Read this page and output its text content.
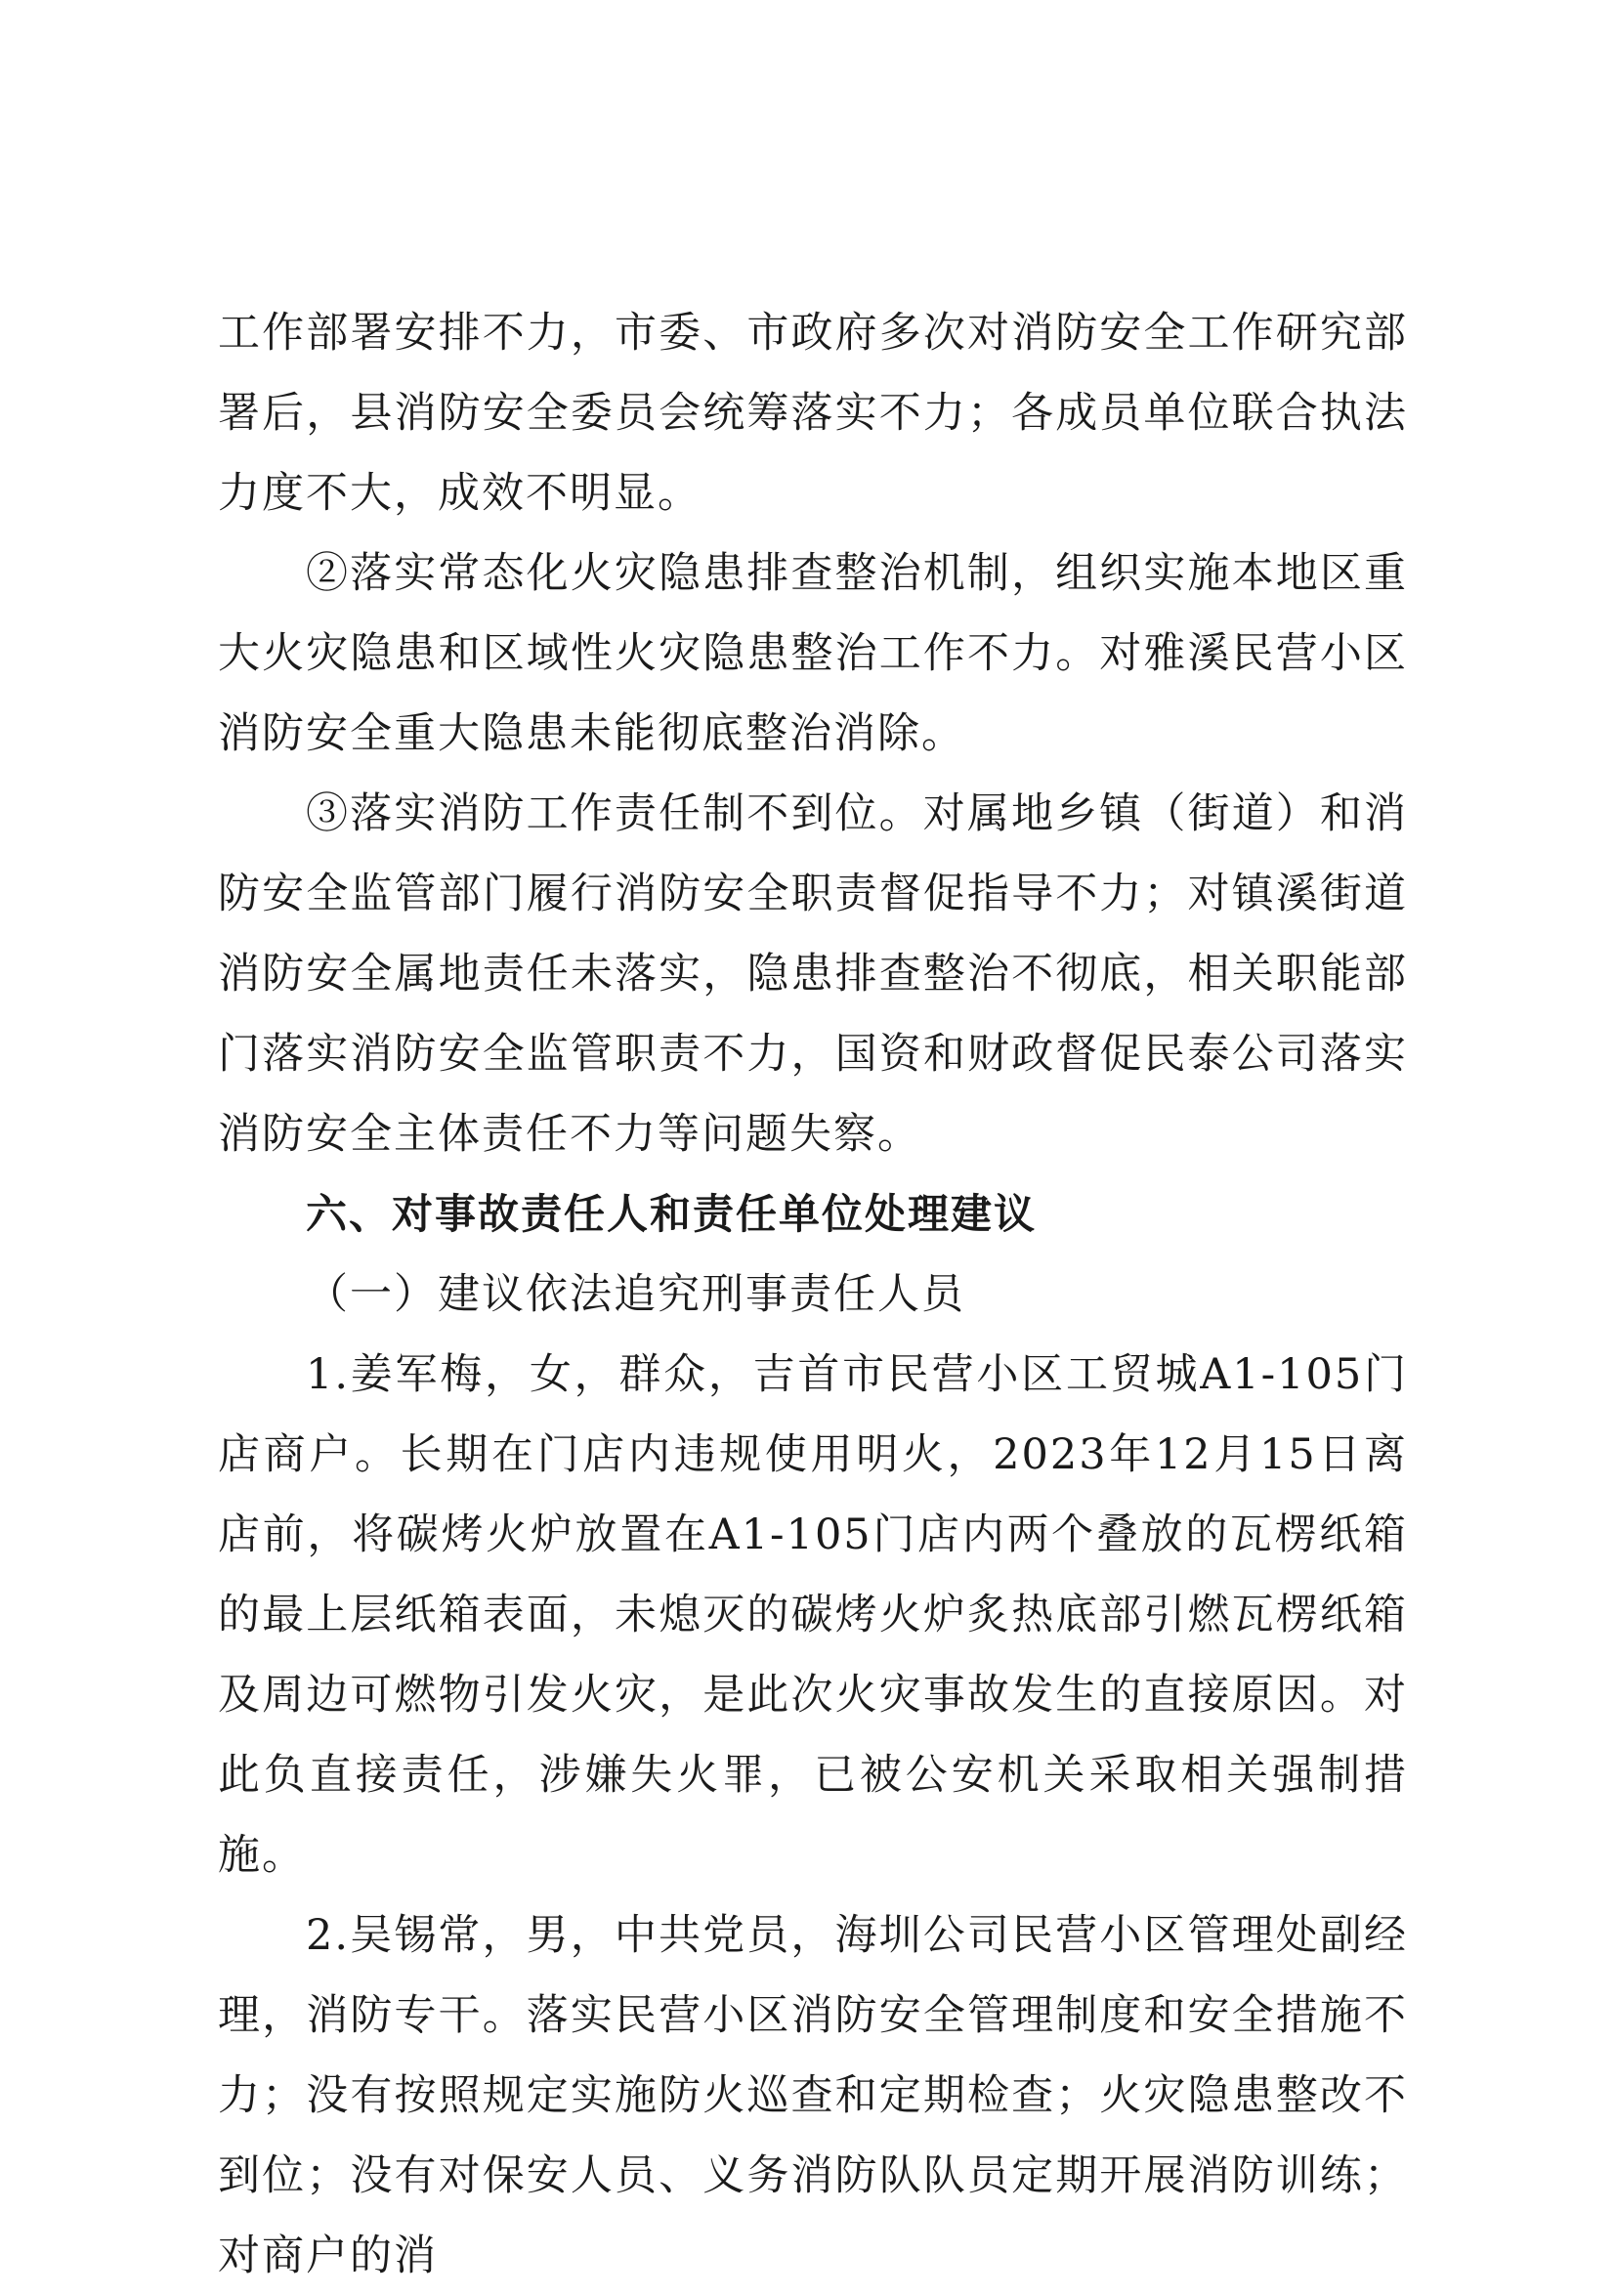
工作部署安排不力，市委、市政府多次对消防安全工作研究部署后，县消防安全委员会统筹落实不力；各成员单位联合执法力度不大，成效不明显。

②落实常态化火灾隐患排查整治机制，组织实施本地区重大火灾隐患和区域性火灾隐患整治工作不力。对雅溪民营小区消防安全重大隐患未能彻底整治消除。

③落实消防工作责任制不到位。对属地乡镇（街道）和消防安全监管部门履行消防安全职责督促指导不力；对镇溪街道消防安全属地责任未落实，隐患排查整治不彻底，相关职能部门落实消防安全监管职责不力，国资和财政督促民泰公司落实消防安全主体责任不力等问题失察。

六、对事故责任人和责任单位处理建议

（一）建议依法追究刑事责任人员

1.姜军梅，女，群众，吉首市民营小区工贸城A1-105门店商户。长期在门店内违规使用明火，2023年12月15日离店前，将碳烤火炉放置在A1-105门店内两个叠放的瓦楞纸箱的最上层纸箱表面，未熄灭的碳烤火炉炙热底部引燃瓦楞纸箱及周边可燃物引发火灾，是此次火灾事故发生的直接原因。对此负直接责任，涉嫌失火罪，已被公安机关采取相关强制措施。

2.吴锡常，男，中共党员，海圳公司民营小区管理处副经理，消防专干。落实民营小区消防安全管理制度和安全措施不力；没有按照规定实施防火巡查和定期检查；火灾隐患整改不到位；没有对保安人员、义务消防队队员定期开展消防训练；对商户的消
